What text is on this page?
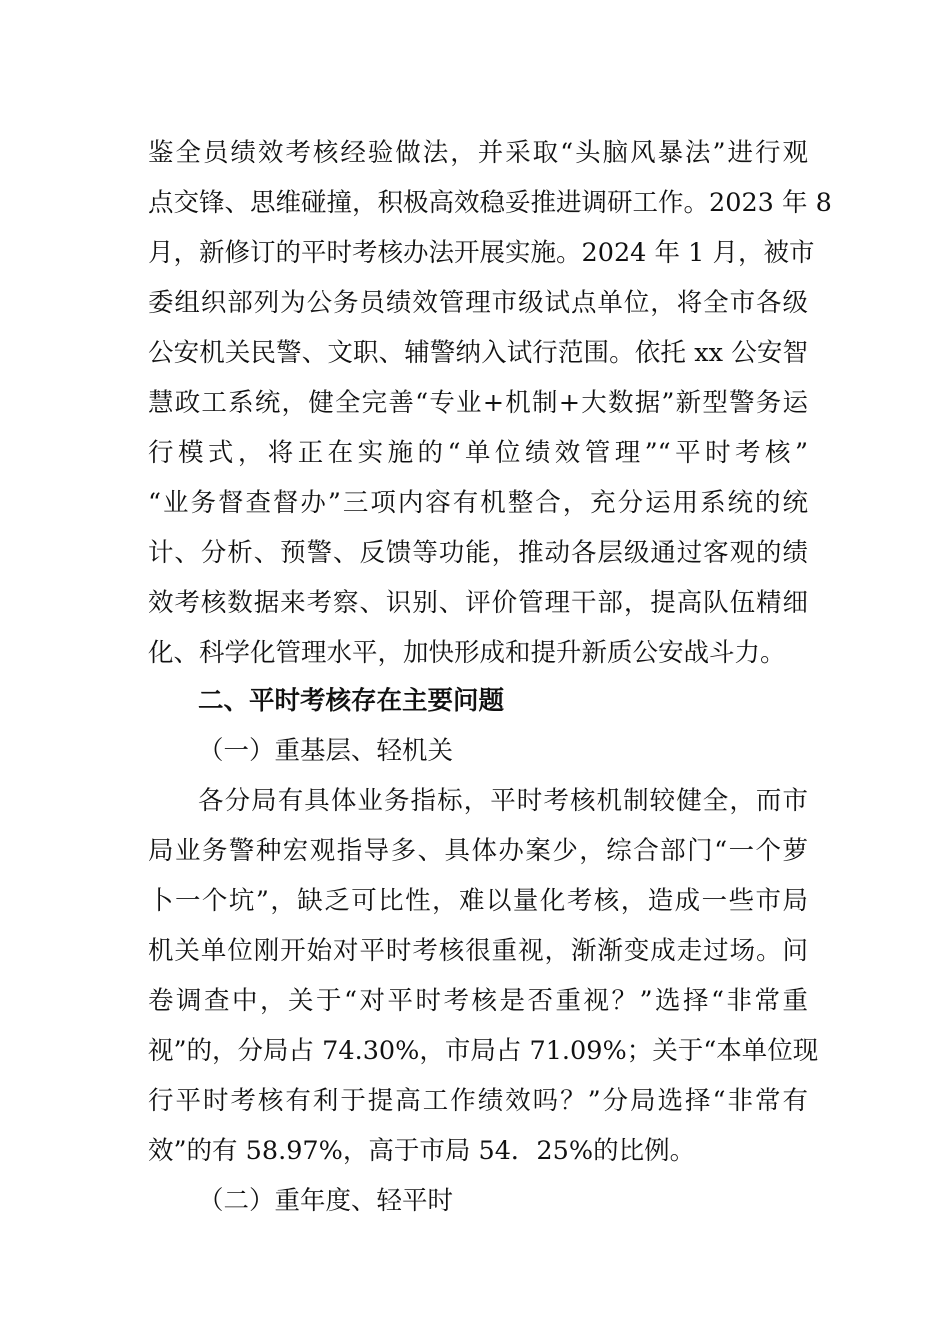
鉴全员绩效考核经验做法，并采取“头脑风暴法”进行观
点交锋、思维碰撞，积极高效稳妥推进调研工作。2023 年 8
月，新修订的平时考核办法开展实施。2024 年 1 月，被市
委组织部列为公务员绩效管理市级试点单位，将全市各级
公安机关民警、文职、辅警纳入试行范围。依托 xx 公安智
慧政工系统，健全完善“专业+机制+大数据”新型警务运
行模式，将正在实施的“单位绩效管理”“平时考核”
“业务督查督办”三项内容有机整合，充分运用系统的统
计、分析、预警、反馈等功能，推动各层级通过客观的绩
效考核数据来考察、识别、评价管理干部，提高队伍精细
化、科学化管理水平，加快形成和提升新质公安战斗力。
二、平时考核存在主要问题
（一）重基层、轻机关
各分局有具体业务指标，平时考核机制较健全，而市
局业务警种宏观指导多、具体办案少，综合部门“一个萝
卜一个坑”，缺乏可比性，难以量化考核，造成一些市局
机关单位刚开始对平时考核很重视，渐渐变成走过场。问
卷调查中，关于“对平时考核是否重视？”选择“非常重
视”的，分局占 74.30%，市局占 71.09%；关于“本单位现
行平时考核有利于提高工作绩效吗？”分局选择“非常有
效”的有 58.97%，高于市局 54．25%的比例。
（二）重年度、轻平时
